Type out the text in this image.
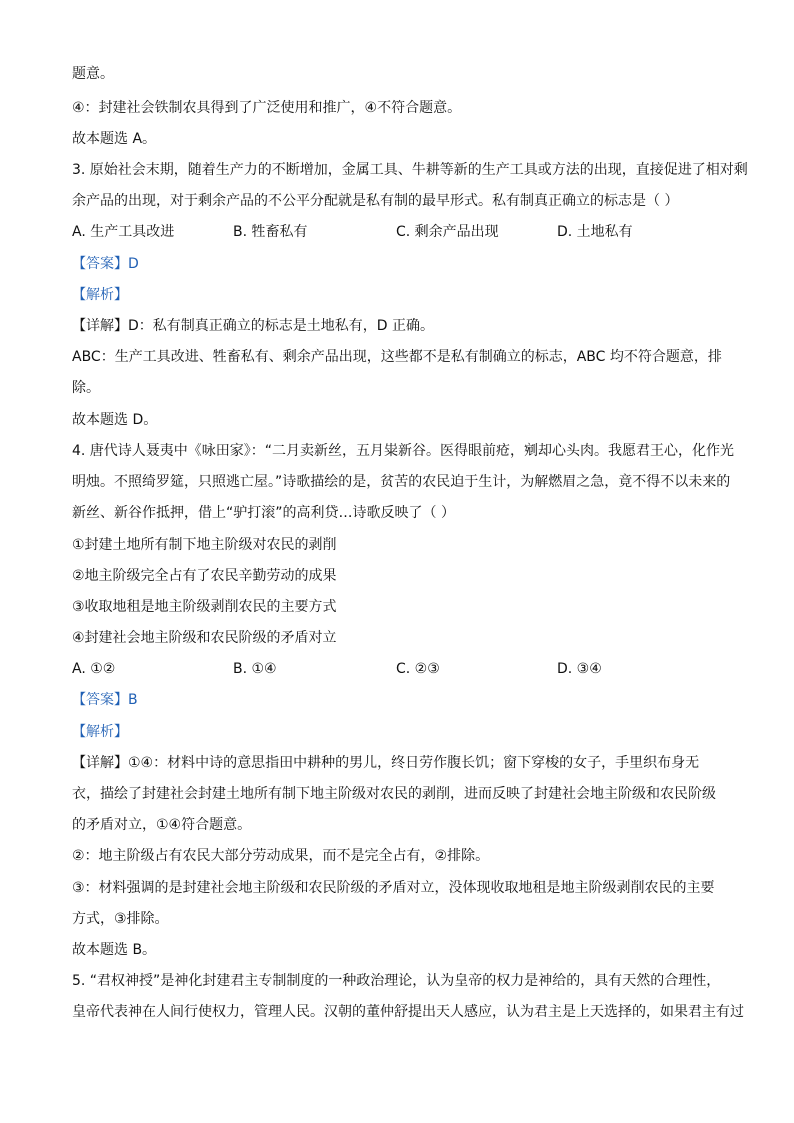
题意。
④：封建社会铁制农具得到了广泛使用和推广，④不符合题意。
故本题选 A。
3. 原始社会末期，随着生产力的不断增加，金属工具、牛耕等新的生产工具或方法的出现，直接促进了相对剩
余产品的出现，对于剩余产品的不公平分配就是私有制的最早形式。私有制真正确立的标志是（ ）
A. 生产工具改进	B. 牲畜私有	C. 剩余产品出现	D. 土地私有
【答案】D
【解析】
【详解】D：私有制真正确立的标志是土地私有，D 正确。
ABC：生产工具改进、牲畜私有、剩余产品出现，这些都不是私有制确立的标志，ABC 均不符合题意，排
除。
故本题选 D。
4. 唐代诗人聂夷中《咏田家》：“二月卖新丝，五月粜新谷。医得眼前疮，剜却心头肉。我愿君王心，化作光
明烛。不照绮罗筵，只照逃亡屋。”诗歌描绘的是，贫苦的农民迫于生计，为解燃眉之急，竟不得不以未来的
新丝、新谷作抵押，借上“驴打滚”的高利贷…诗歌反映了（ ）
①封建土地所有制下地主阶级对农民的剥削
②地主阶级完全占有了农民辛勤劳动的成果
③收取地租是地主阶级剥削农民的主要方式
④封建社会地主阶级和农民阶级的矛盾对立
A. ①②	B. ①④	C. ②③	D. ③④
【答案】B
【解析】
【详解】①④：材料中诗的意思指田中耕种的男儿，终日劳作腹长饥；窗下穿梭的女子，手里织布身无
衣，描绘了封建社会封建土地所有制下地主阶级对农民的剥削，进而反映了封建社会地主阶级和农民阶级
的矛盾对立，①④符合题意。
②：地主阶级占有农民大部分劳动成果，而不是完全占有，②排除。
③：材料强调的是封建社会地主阶级和农民阶级的矛盾对立，没体现收取地租是地主阶级剥削农民的主要
方式，③排除。
故本题选 B。
5. “君权神授”是神化封建君主专制制度的一种政治理论，认为皇帝的权力是神给的，具有天然的合理性，
皇帝代表神在人间行使权力，管理人民。汉朝的董仲舒提出天人感应，认为君主是上天选择的，如果君主有过
